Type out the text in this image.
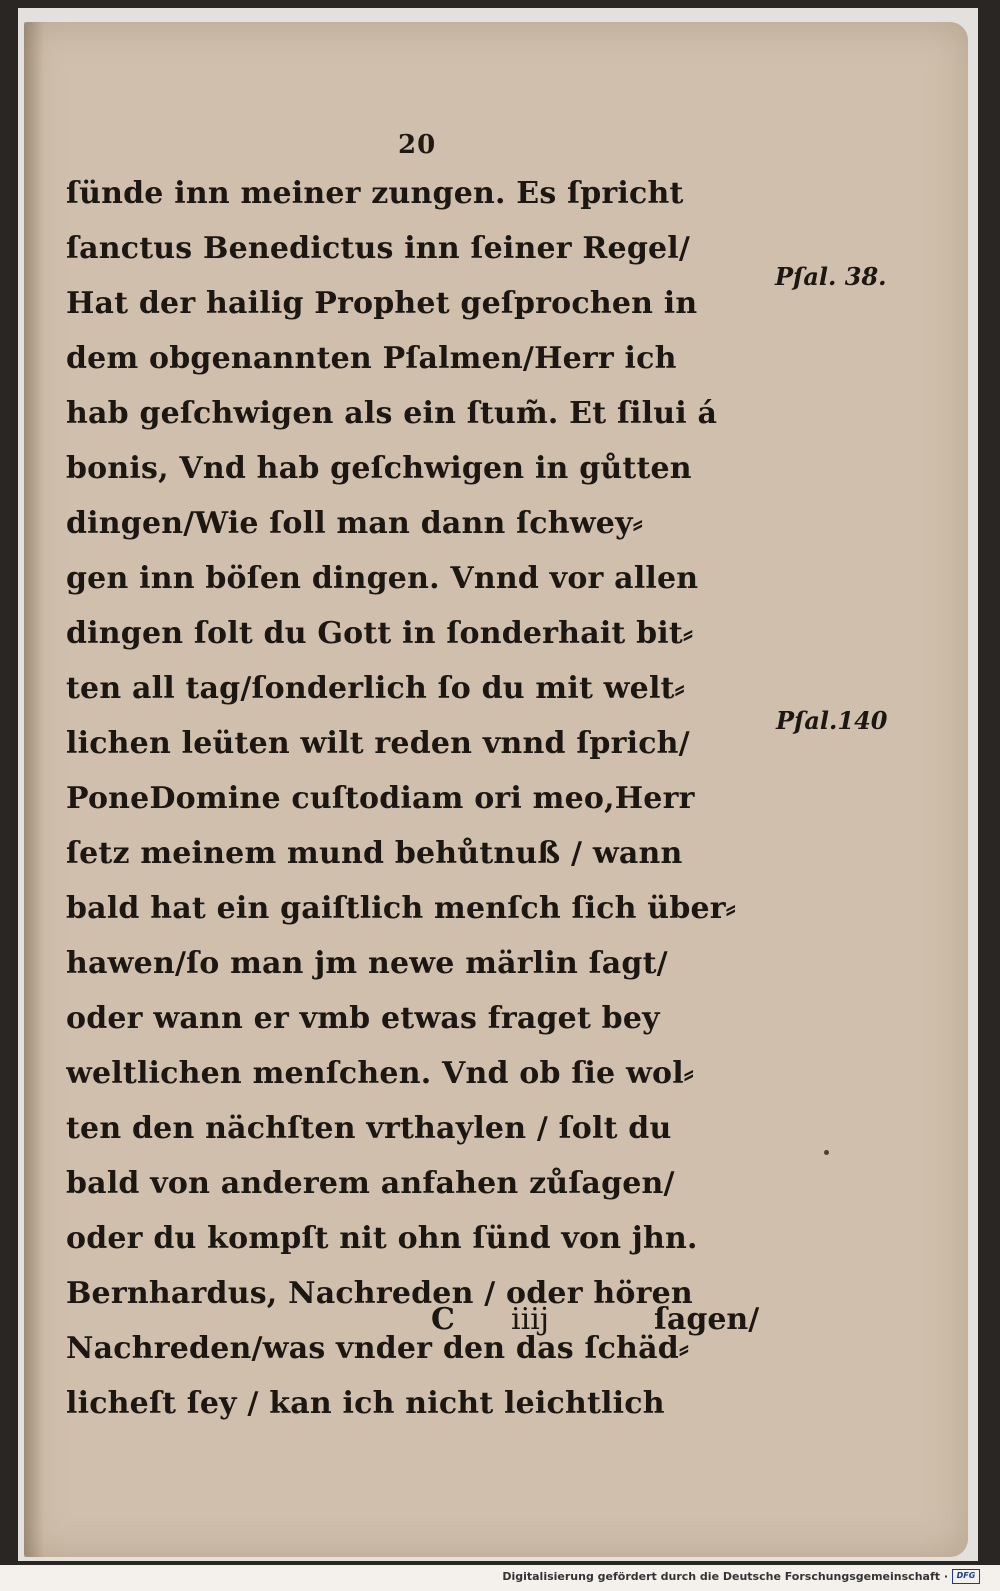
20
ſünde inn meiner zungen. Es ſpricht
ſanctus Benedictus inn ſeiner Regel/
Hat der hailig Prophet geſprochen in
dem obgenannten Pſalmen/Herr ich
hab geſchwigen als ein ſtum̃. Et ſilui á
bonis, Vnd hab geſchwigen in gůtten
dingen/Wie ſoll man dann ſchwey⸗
gen inn böſen dingen. Vnnd vor allen
dingen ſolt du Gott in ſonderhait bit⸗
ten all tag/ſonderlich ſo du mit welt⸗
lichen leüten wilt reden vnnd ſprich/
PoneDomine cuſtodiam ori meo,Herr
ſetz meinem mund behůtnuß / wann
bald hat ein gaiſtlich menſch ſich über⸗
hawen/ſo man jm newe märlin ſagt/
oder wann er vmb etwas fraget bey
weltlichen menſchen. Vnd ob ſie wol⸗
ten den nächſten vrthaylen / ſolt du
bald von anderem anfahen zůſagen/
oder du kompſt nit ohn ſünd von jhn.
Bernhardus, Nachreden / oder hören
Nachreden/was vnder den das ſchäd⸗
licheſt ſey / kan ich nicht leichtlich
Pſal. 38.
Pſal.140
C iiij	ſagen/
Digitalisierung gefördert durch die Deutsche Forschungsgemeinschaft ·	DFG
